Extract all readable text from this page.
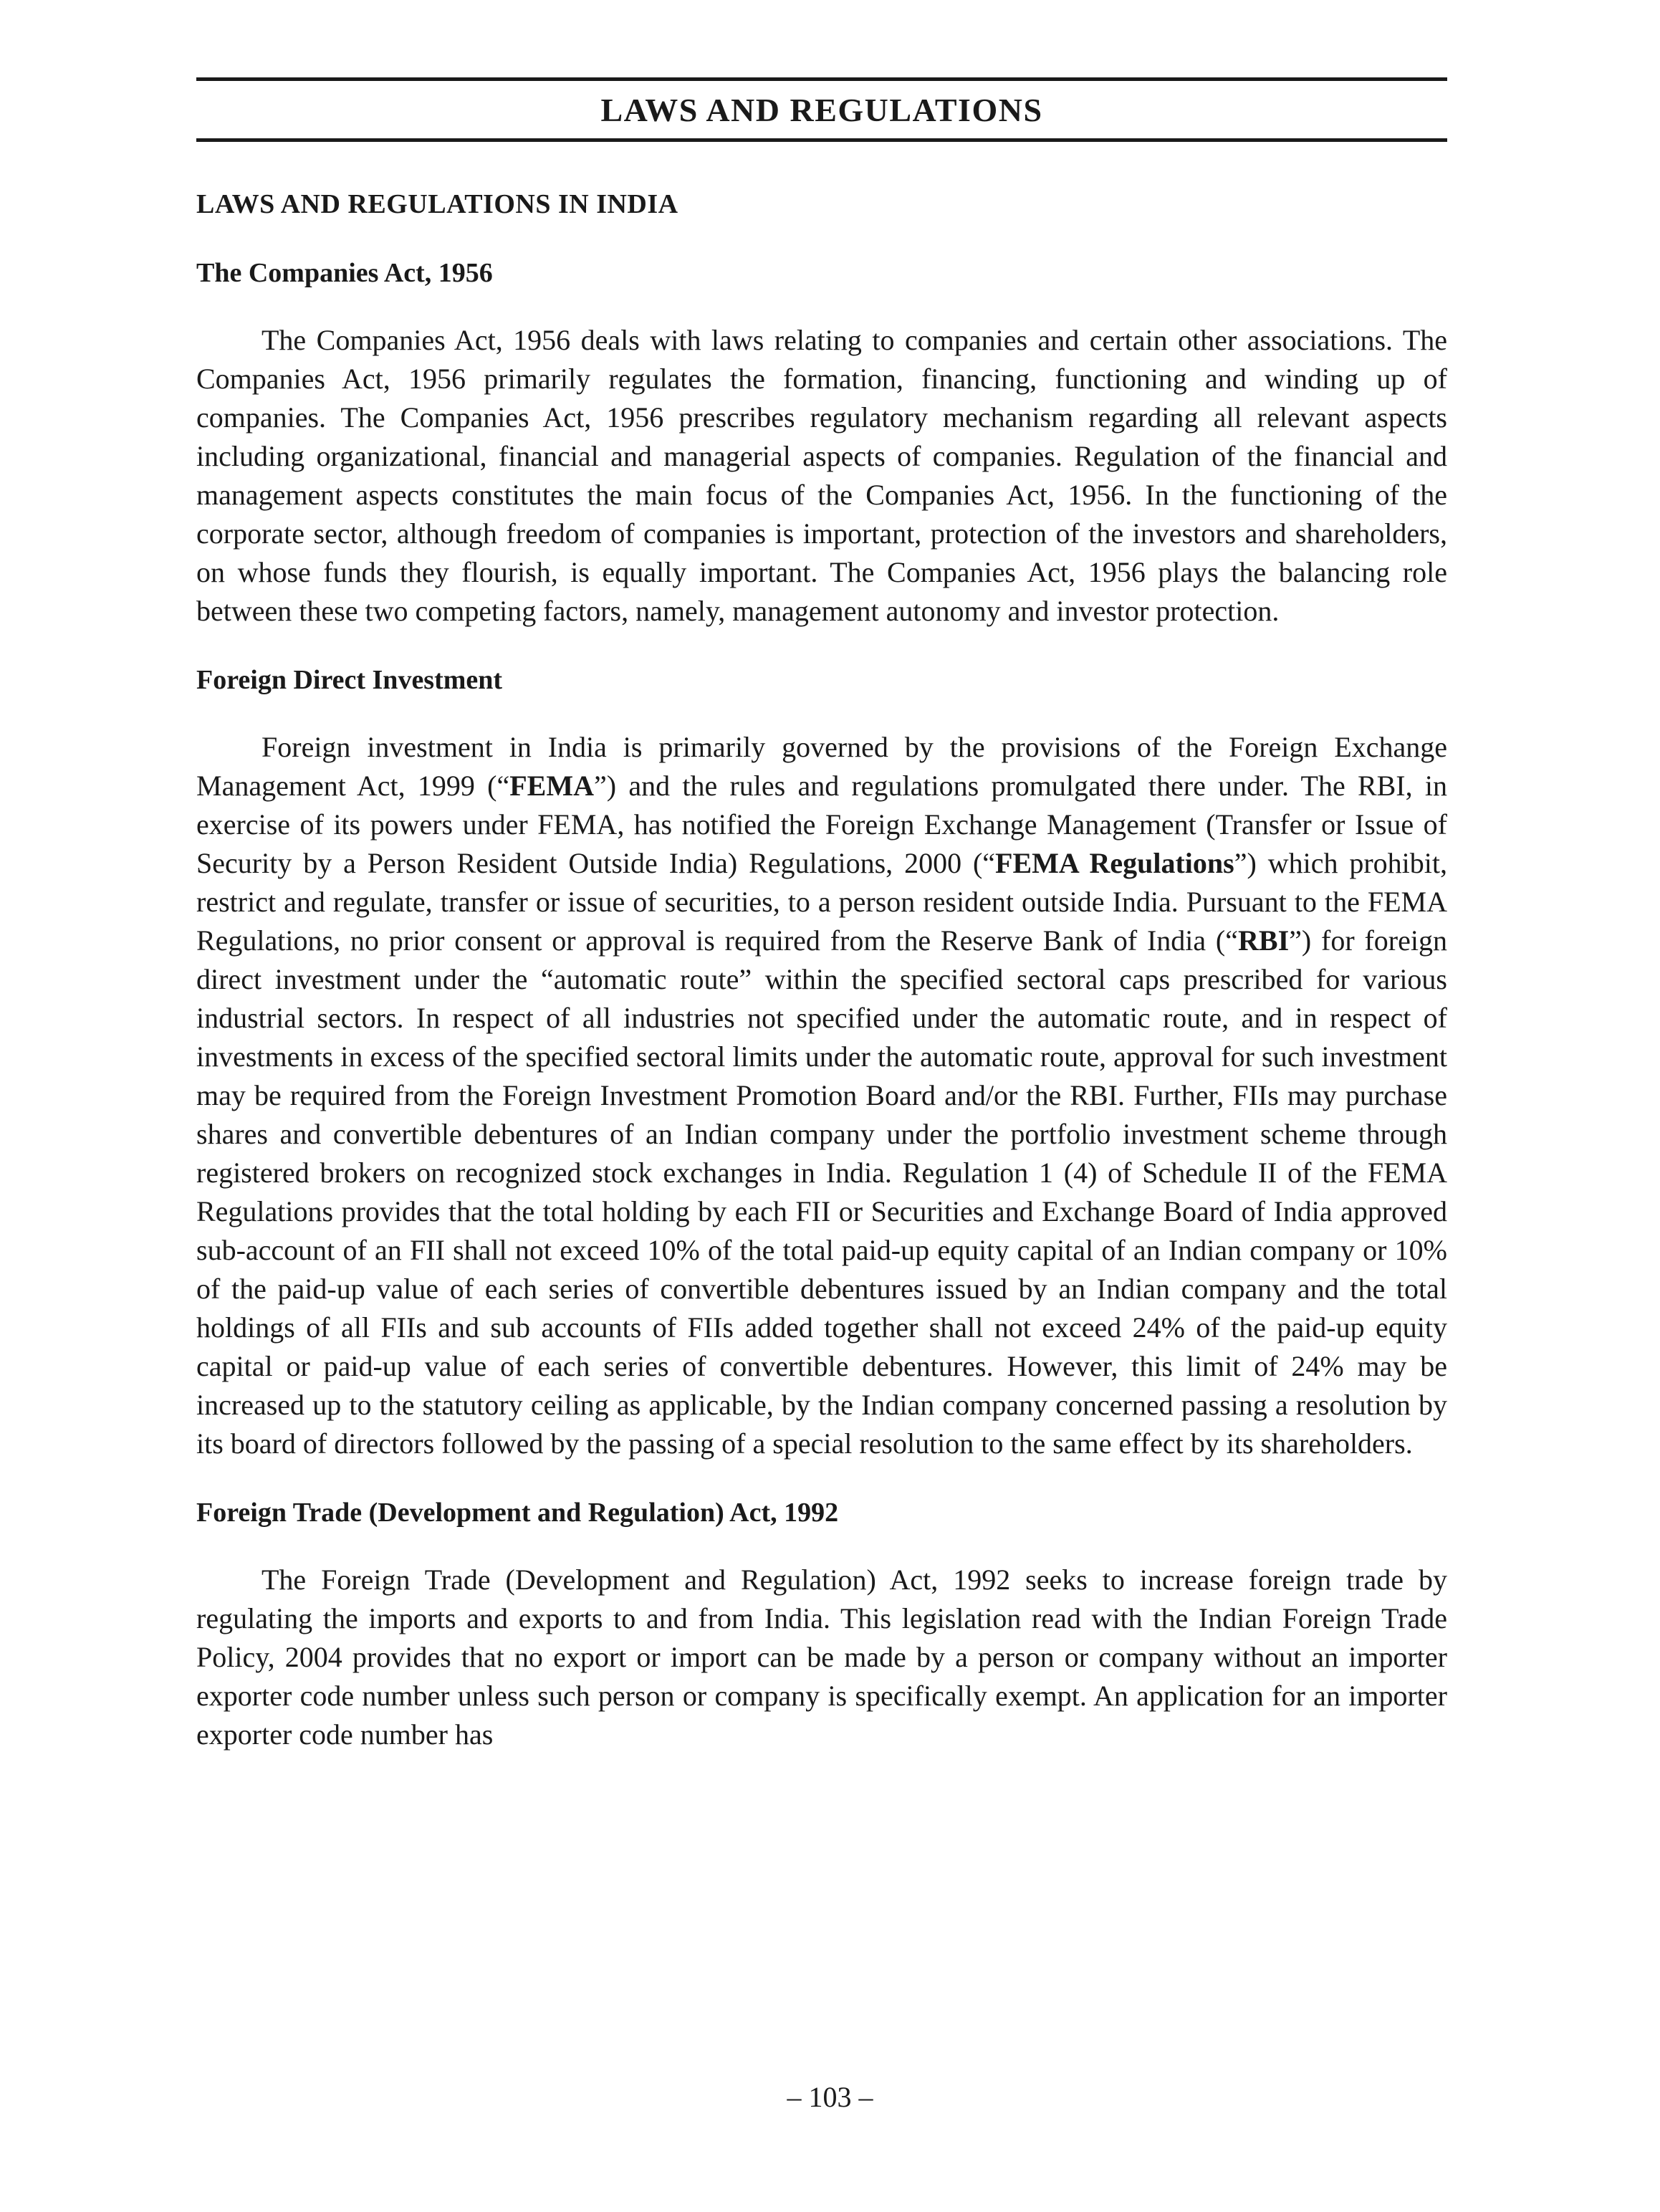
LAWS AND REGULATIONS
LAWS AND REGULATIONS IN INDIA
The Companies Act, 1956

The Companies Act, 1956 deals with laws relating to companies and certain other associations. The Companies Act, 1956 primarily regulates the formation, financing, functioning and winding up of companies. The Companies Act, 1956 prescribes regulatory mechanism regarding all relevant aspects including organizational, financial and managerial aspects of companies. Regulation of the financial and management aspects constitutes the main focus of the Companies Act, 1956. In the functioning of the corporate sector, although freedom of companies is important, protection of the investors and shareholders, on whose funds they flourish, is equally important. The Companies Act, 1956 plays the balancing role between these two competing factors, namely, management autonomy and investor protection.

Foreign Direct Investment

Foreign investment in India is primarily governed by the provisions of the Foreign Exchange Management Act, 1999 (“FEMA”) and the rules and regulations promulgated there under. The RBI, in exercise of its powers under FEMA, has notified the Foreign Exchange Management (Transfer or Issue of Security by a Person Resident Outside India) Regulations, 2000 (“FEMA Regulations”) which prohibit, restrict and regulate, transfer or issue of securities, to a person resident outside India. Pursuant to the FEMA Regulations, no prior consent or approval is required from the Reserve Bank of India (“RBI”) for foreign direct investment under the “automatic route” within the specified sectoral caps prescribed for various industrial sectors. In respect of all industries not specified under the automatic route, and in respect of investments in excess of the specified sectoral limits under the automatic route, approval for such investment may be required from the Foreign Investment Promotion Board and/or the RBI. Further, FIIs may purchase shares and convertible debentures of an Indian company under the portfolio investment scheme through registered brokers on recognized stock exchanges in India. Regulation 1 (4) of Schedule II of the FEMA Regulations provides that the total holding by each FII or Securities and Exchange Board of India approved sub-account of an FII shall not exceed 10% of the total paid-up equity capital of an Indian company or 10% of the paid-up value of each series of convertible debentures issued by an Indian company and the total holdings of all FIIs and sub accounts of FIIs added together shall not exceed 24% of the paid-up equity capital or paid-up value of each series of convertible debentures. However, this limit of 24% may be increased up to the statutory ceiling as applicable, by the Indian company concerned passing a resolution by its board of directors followed by the passing of a special resolution to the same effect by its shareholders.

Foreign Trade (Development and Regulation) Act, 1992

The Foreign Trade (Development and Regulation) Act, 1992 seeks to increase foreign trade by regulating the imports and exports to and from India. This legislation read with the Indian Foreign Trade Policy, 2004 provides that no export or import can be made by a person or company without an importer exporter code number unless such person or company is specifically exempt. An application for an importer exporter code number has

– 103 –
